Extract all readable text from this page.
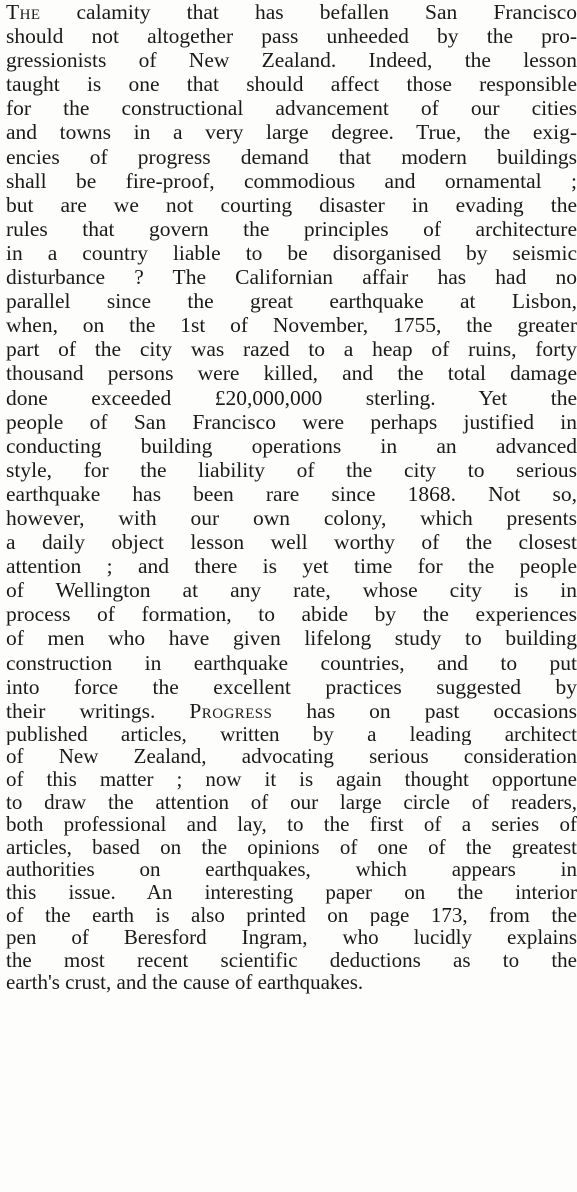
The calamity that has befallen San Francisco
should not altogether pass unheeded by the pro-
gressionists of New Zealand. Indeed, the lesson
taught is one that should affect those responsible
for the constructional advancement of our cities
and towns in a very large degree. True, the exig-
encies of progress demand that modern buildings
shall be fire-proof, commodious and ornamental ;
but are we not courting disaster in evading the
rules that govern the principles of architecture
in a country liable to be disorganised by seismic
disturbance ? The Californian affair has had no
parallel since the great earthquake at Lisbon,
when, on the 1st of November, 1755, the greater
part of the city was razed to a heap of ruins, forty
thousand persons were killed, and the total damage
done exceeded £20,000,000 sterling. Yet the
people of San Francisco were perhaps justified in
conducting building operations in an advanced
style, for the liability of the city to serious
earthquake has been rare since 1868. Not so,
however, with our own colony, which presents
a daily object lesson well worthy of the closest
attention ; and there is yet time for the people
of Wellington at any rate, whose city is in
process of formation, to abide by the experiences
of men who have given lifelong study to building
construction in earthquake countries, and to put
into force the excellent practices suggested by
their writings. Progress has on past occasions
published articles, written by a leading architect
of New Zealand, advocating serious consideration
of this matter ; now it is again thought opportune
to draw the attention of our large circle of readers,
both professional and lay, to the first of a series of
articles, based on the opinions of one of the greatest
authorities on earthquakes, which appears in
this issue. An interesting paper on the interior
of the earth is also printed on page 173, from the
pen of Beresford Ingram, who lucidly explains
the most recent scientific deductions as to the
earth's crust, and the cause of earthquakes.
